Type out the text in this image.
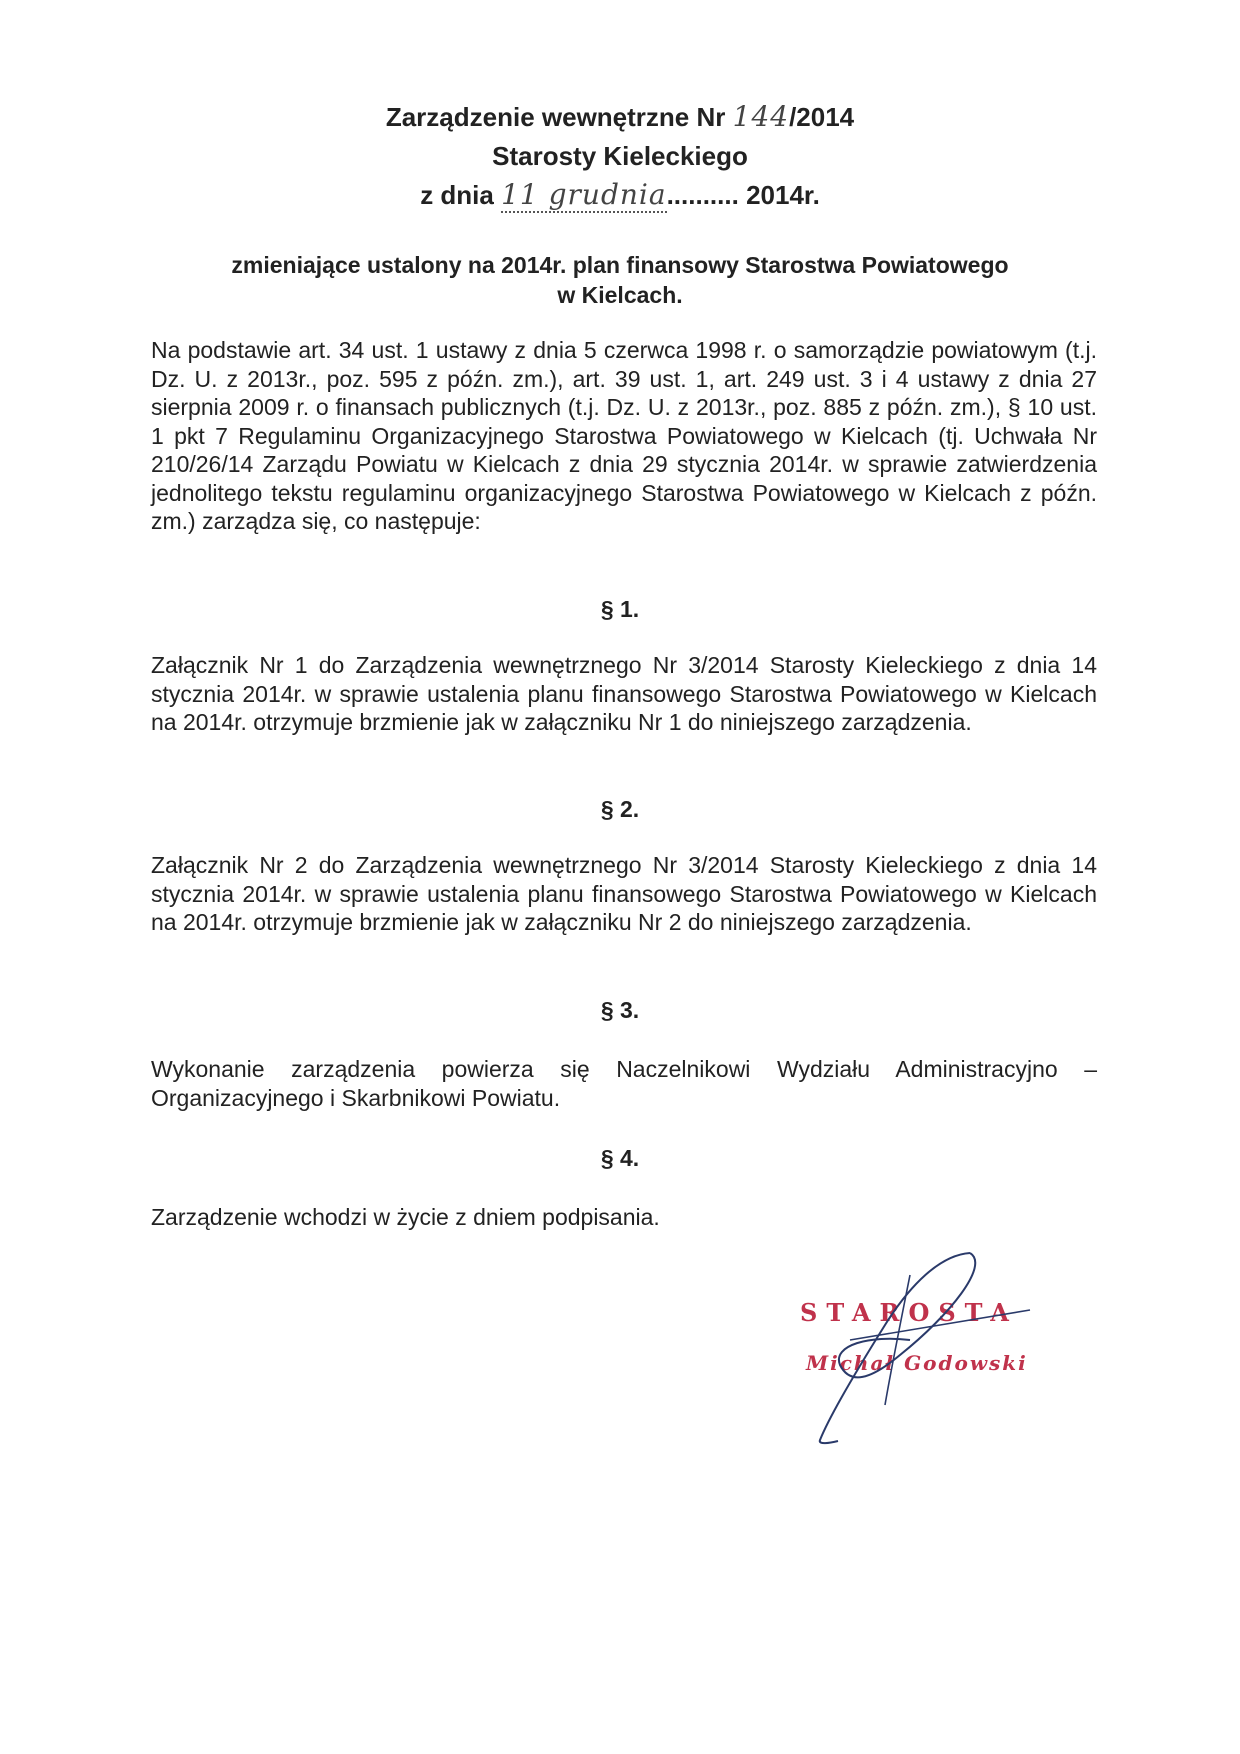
Zarządzenie wewnętrzne Nr 144/2014
Starosty Kieleckiego
z dnia 11 grudnia.......... 2014r.
zmieniające ustalony na 2014r. plan finansowy Starostwa Powiatowego
w Kielcach.
Na podstawie art. 34 ust. 1 ustawy z dnia 5 czerwca 1998 r. o samorządzie powiatowym (t.j. Dz. U. z 2013r., poz. 595 z późn. zm.), art. 39 ust. 1, art. 249 ust. 3 i 4 ustawy z dnia 27 sierpnia 2009 r. o finansach publicznych (t.j. Dz. U. z 2013r., poz. 885 z późn. zm.), § 10 ust. 1 pkt 7 Regulaminu Organizacyjnego Starostwa Powiatowego w Kielcach (tj. Uchwała Nr 210/26/14 Zarządu Powiatu w Kielcach z dnia 29 stycznia 2014r. w sprawie zatwierdzenia jednolitego tekstu regulaminu organizacyjnego Starostwa Powiatowego w Kielcach z późn. zm.) zarządza się, co następuje:
§ 1.
Załącznik Nr 1 do Zarządzenia wewnętrznego Nr 3/2014 Starosty Kieleckiego z dnia 14 stycznia 2014r. w sprawie ustalenia planu finansowego Starostwa Powiatowego w Kielcach na 2014r. otrzymuje brzmienie jak w załączniku Nr 1 do niniejszego zarządzenia.
§ 2.
Załącznik Nr 2 do Zarządzenia wewnętrznego Nr 3/2014 Starosty Kieleckiego z dnia 14 stycznia 2014r. w sprawie ustalenia planu finansowego Starostwa Powiatowego w Kielcach na 2014r. otrzymuje brzmienie jak w załączniku Nr 2 do niniejszego zarządzenia.
§ 3.
Wykonanie zarządzenia powierza się Naczelnikowi Wydziału Administracyjno – Organizacyjnego i Skarbnikowi Powiatu.
§ 4.
Zarządzenie wchodzi w życie z dniem podpisania.
STAROSTA
Michał Godowski
